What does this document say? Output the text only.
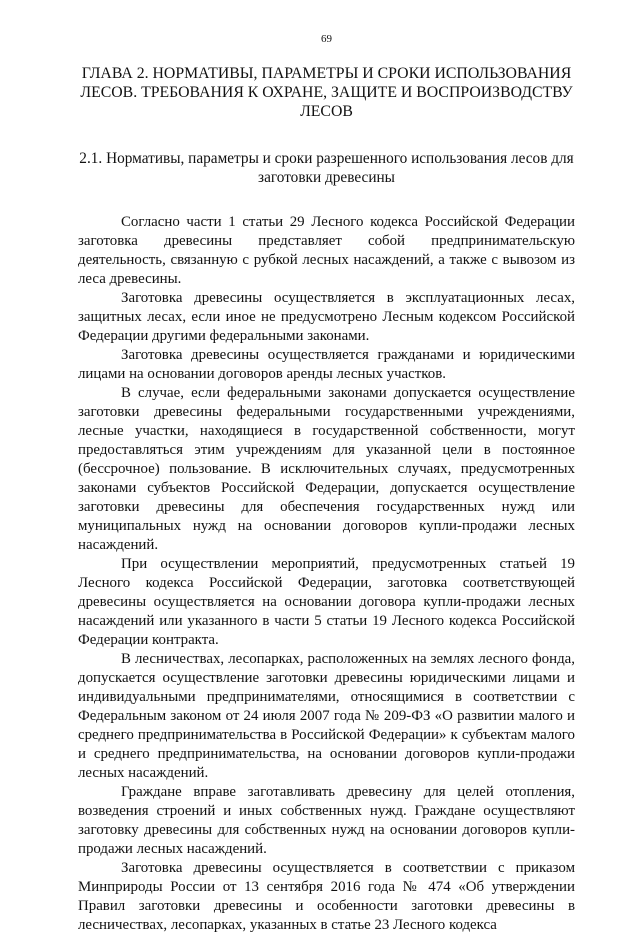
69
ГЛАВА 2. НОРМАТИВЫ, ПАРАМЕТРЫ И СРОКИ ИСПОЛЬЗОВАНИЯ ЛЕСОВ. ТРЕБОВАНИЯ К ОХРАНЕ, ЗАЩИТЕ И ВОСПРОИЗВОДСТВУ ЛЕСОВ
2.1. Нормативы, параметры и сроки разрешенного использования лесов для заготовки древесины

Согласно части 1 статьи 29 Лесного кодекса Российской Федерации заготовка древесины представляет собой предпринимательскую деятельность, связанную с рубкой лесных насаждений, а также с вывозом из леса древесины.

Заготовка древесины осуществляется в эксплуатационных лесах, защитных лесах, если иное не предусмотрено Лесным кодексом Российской Федерации другими федеральными законами.

Заготовка древесины осуществляется гражданами и юридическими лицами на основании договоров аренды лесных участков.

В случае, если федеральными законами допускается осуществление заготовки древесины федеральными государственными учреждениями, лесные участки, находящиеся в государственной собственности, могут предоставляться этим учреждениям для указанной цели в постоянное (бессрочное) пользование. В исключительных случаях, предусмотренных законами субъектов Российской Федерации, допускается осуществление заготовки древесины для обеспечения государственных нужд или муниципальных нужд на основании договоров купли-продажи лесных насаждений.

При осуществлении мероприятий, предусмотренных статьей 19 Лесного кодекса Российской Федерации, заготовка соответствующей древесины осуществляется на основании договора купли-продажи лесных насаждений или указанного в части 5 статьи 19 Лесного кодекса Российской Федерации контракта.

В лесничествах, лесопарках, расположенных на землях лесного фонда, допускается осуществление заготовки древесины юридическими лицами и индивидуальными предпринимателями, относящимися в соответствии с Федеральным законом от 24 июля 2007 года № 209-ФЗ «О развитии малого и среднего предпринимательства в Российской Федерации» к субъектам малого и среднего предпринимательства, на основании договоров купли-продажи лесных насаждений.

Граждане вправе заготавливать древесину для целей отопления, возведения строений и иных собственных нужд. Граждане осуществляют заготовку древесины для собственных нужд на основании договоров купли-продажи лесных насаждений.

Заготовка древесины осуществляется в соответствии с приказом Минприроды России от 13 сентября 2016 года № 474 «Об утверждении Правил заготовки древесины и особенности заготовки древесины в лесничествах, лесопарках, указанных в статье 23 Лесного кодекса
